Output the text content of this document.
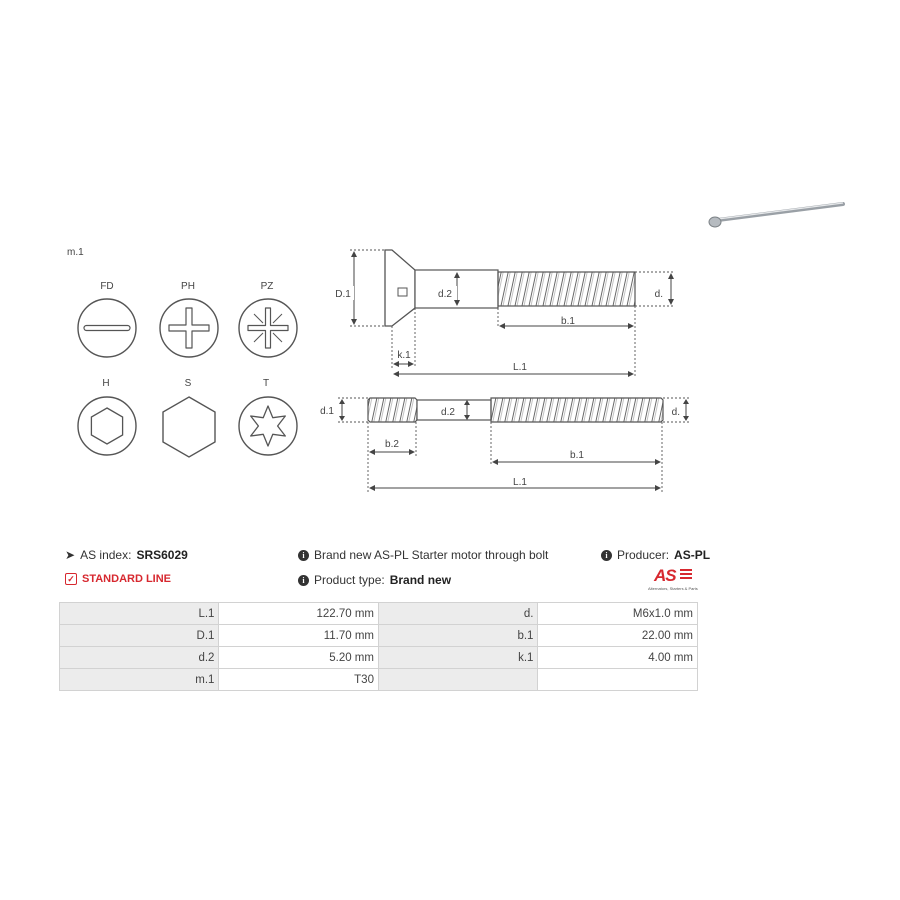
m.1
FD	PH	PZ
H	S	T
D.1	d.2	d.
b.1
k.1
L.1
d.1	d.2	d.
b.2
b.1
L.1
➤ AS index: SRS6029
✓ STANDARD LINE
i Brand new AS-PL Starter motor through bolt
i Product type: Brand new
i Producer: AS-PL
AS
Alternators, Starters & Parts
L.1	122.70 mm	d.	M6x1.0 mm
D.1	11.70 mm	b.1	22.00 mm
d.2	5.20 mm	k.1	4.00 mm
m.1	T30		
